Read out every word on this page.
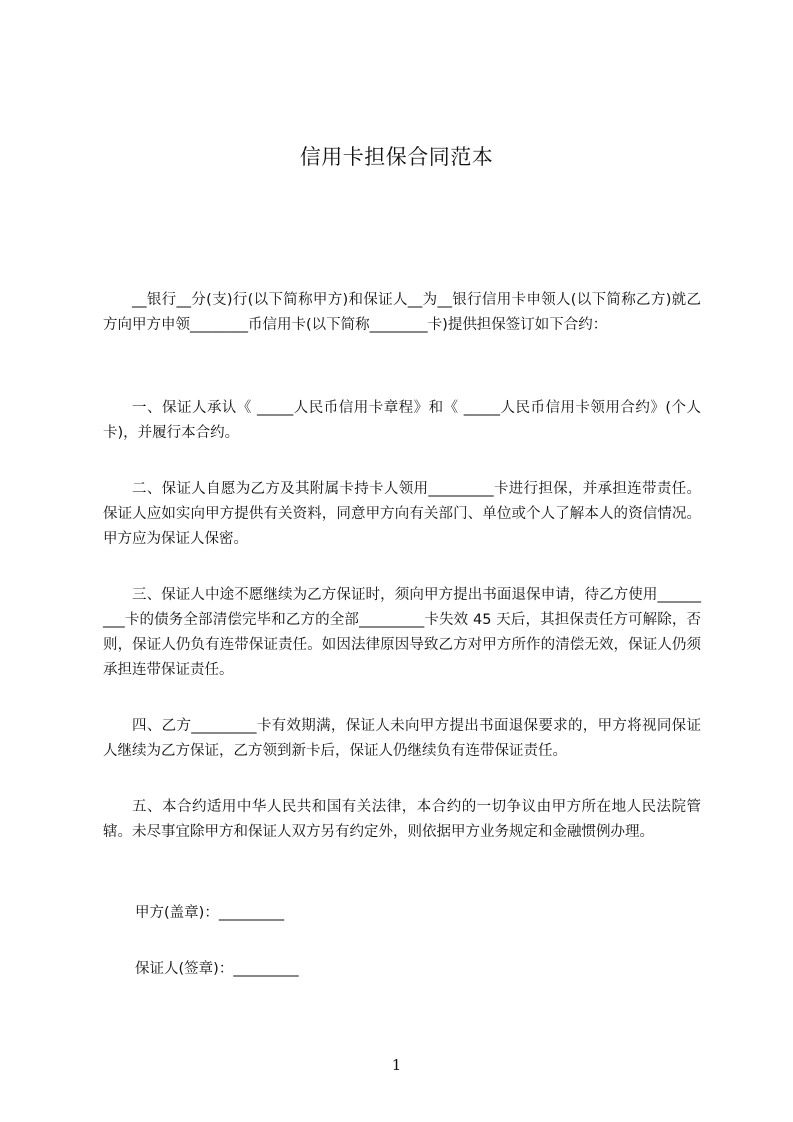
信用卡担保合同范本

__银行__分(支)行(以下简称甲方)和保证人__为__银行信用卡申领人(以下简称乙方)就乙方向甲方申领________币信用卡(以下简称________卡)提供担保签订如下合约：

一、保证人承认《 _____人民币信用卡章程》和《 _____人民币信用卡领用合约》(个人卡)，并履行本合约。

二、保证人自愿为乙方及其附属卡持卡人领用_________卡进行担保，并承担连带责任。保证人应如实向甲方提供有关资料，同意甲方向有关部门、单位或个人了解本人的资信情况。甲方应为保证人保密。

三、保证人中途不愿继续为乙方保证时，须向甲方提出书面退保申请，待乙方使用_________卡的债务全部清偿完毕和乙方的全部_________卡失效 45 天后，其担保责任方可解除，否则，保证人仍负有连带保证责任。如因法律原因导致乙方对甲方所作的清偿无效，保证人仍须承担连带保证责任。

四、乙方_________卡有效期满，保证人未向甲方提出书面退保要求的，甲方将视同保证人继续为乙方保证，乙方领到新卡后，保证人仍继续负有连带保证责任。

五、本合约适用中华人民共和国有关法律，本合约的一切争议由甲方所在地人民法院管辖。未尽事宜除甲方和保证人双方另有约定外，则依据甲方业务规定和金融惯例办理。

甲方(盖章)：_________
保证人(签章)：_________
1
